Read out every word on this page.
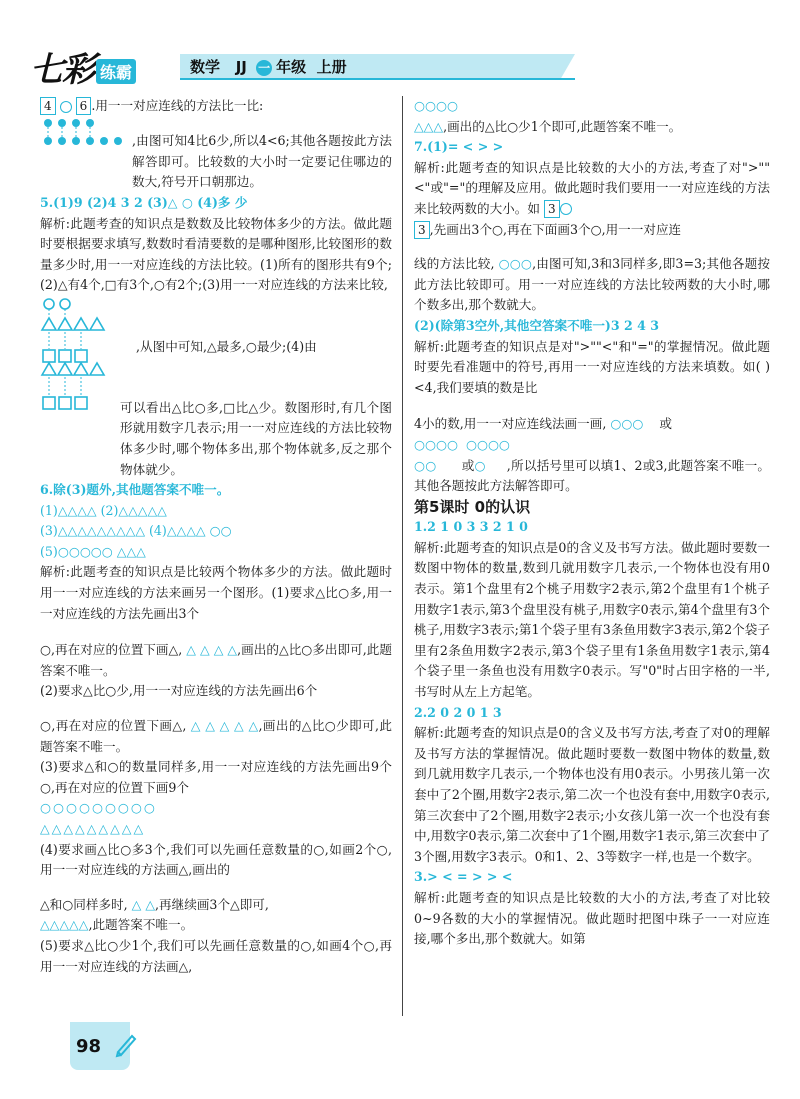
七彩 练霸	数学 JJ 一 年级 上册

4 6 .用一一对应连线的方法比一比:

,由图可知4比6少,所以4<6;其他各题按此方法解答即可。比较数的大小时一定要记住哪边的数大,符号开口朝那边。

5.(1)9 (2)4 3 2 (3)△ ○ (4)多 少

解析:此题考查的知识点是数数及比较物体多少的方法。做此题时要根据要求填写,数数时看清要数的是哪种图形,比较图形的数量多少时,用一一对应连线的方法比较。(1)所有的图形共有9个;(2)△有4个,□有3个,○有2个;(3)用一一对应连线的方法来比较,

,从图中可知,△最多,○最少;(4)由

可以看出△比○多,□比△少。数图形时,有几个图形就用数字几表示;用一一对应连线的方法比较物体多少时,哪个物体多出,那个物体就多,反之那个物体就少。

6.除(3)题外,其他题答案不唯一。

(1)△△△△ (2)△△△△△

(3)△△△△△△△△△ (4)△△△△ ○○

(5)○○○○○ △△△

解析:此题考查的知识点是比较两个物体多少的方法。做此题时用一一对应连线的方法来画另一个图形。(1)要求△比○多,用一一对应连线的方法先画出3个

○,再在对应的位置下画△, △ △ △ △,画出的△比○多出即可,此题答案不唯一。

(2)要求△比○少,用一一对应连线的方法先画出6个

○,再在对应的位置下画△, △ △ △ △ △,画出的△比○少即可,此题答案不唯一。

(3)要求△和○的数量同样多,用一一对应连线的方法先画出9个○,再在对应的位置下画9个

○○○○○○○○○
△△△△△△△△△

(4)要求画△比○多3个,我们可以先画任意数量的○,如画2个○,用一一对应连线的方法画△,画出的

△和○同样多时, △ △,再继续画3个△即可,

△△△△△,此题答案不唯一。

(5)要求△比○少1个,我们可以先画任意数量的○,如画4个○,再用一一对应连线的方法画△,

○○○○
△△△,画出的△比○少1个即可,此题答案不唯一。

7.(1)= < > >

解析:此题考查的知识点是比较数的大小的方法,考查了对">""<"或"="的理解及应用。做此题时我们要用一一对应连线的方法来比较两数的大小。如 3

3 ,先画出3个○,再在下面画3个○,用一一对应连

线的方法比较, ○○○,由图可知,3和3同样多,即3=3;其他各题按此方法比较即可。用一一对应连线的方法比较两数的大小时,哪个数多出,那个数就大。

(2)(除第3空外,其他空答案不唯一)3 2 4 3

解析:此题考查的知识点是对">""<"和"="的掌握情况。做此题时要先看准题中的符号,再用一一对应连线的方法来填数。如( )<4,我们要填的数是比

4小的数,用一一对应连线法画一画, ○○○ 或

○○○○  ○○○○

○○ 或○ ,所以括号里可以填1、2或3,此题答案不唯一。其他各题按此方法解答即可。

第5课时 0的认识

1.2 1 0 3 3 2 1 0

解析:此题考查的知识点是0的含义及书写方法。做此题时要数一数图中物体的数量,数到几就用数字几表示,一个物体也没有用0表示。第1个盘里有2个桃子用数字2表示,第2个盘里有1个桃子用数字1表示,第3个盘里没有桃子,用数字0表示,第4个盘里有3个桃子,用数字3表示;第1个袋子里有3条鱼用数字3表示,第2个袋子里有2条鱼用数字2表示,第3个袋子里有1条鱼用数字1表示,第4个袋子里一条鱼也没有用数字0表示。写"0"时占田字格的一半,书写时从左上方起笔。

2.2 0 2 0 1 3

解析:此题考查的知识点是0的含义及书写方法,考查了对0的理解及书写方法的掌握情况。做此题时要数一数图中物体的数量,数到几就用数字几表示,一个物体也没有用0表示。小男孩儿第一次套中了2个圈,用数字2表示,第二次一个也没有套中,用数字0表示,第三次套中了2个圈,用数字2表示;小女孩儿第一次一个也没有套中,用数字0表示,第二次套中了1个圈,用数字1表示,第三次套中了3个圈,用数字3表示。0和1、2、3等数字一样,也是一个数字。

3.> < = > > <

解析:此题考查的知识点是比较数的大小的方法,考查了对比较0~9各数的大小的掌握情况。做此题时把图中珠子一一对应连接,哪个多出,那个数就大。如第

98
